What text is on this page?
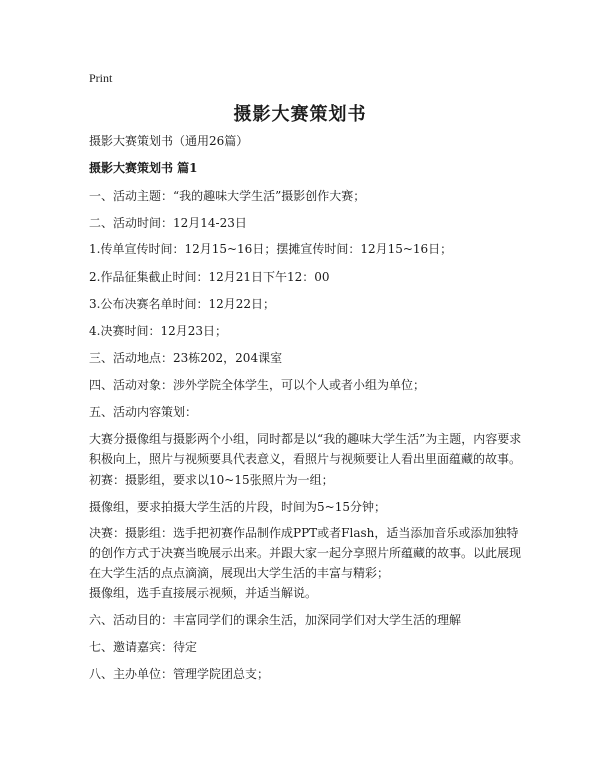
Print
摄影大赛策划书
摄影大赛策划书（通用26篇）
摄影大赛策划书 篇1
一、活动主题：“我的趣味大学生活”摄影创作大赛；
二、活动时间：12月14-23日
1.传单宣传时间：12月15~16日；摆摊宣传时间：12月15~16日；
2.作品征集截止时间：12月21日下午12：00
3.公布决赛名单时间：12月22日；
4.决赛时间：12月23日；
三、活动地点：23栋202，204课室
四、活动对象：涉外学院全体学生，可以个人或者小组为单位；
五、活动内容策划：
大赛分摄像组与摄影两个小组，同时都是以“我的趣味大学生活”为主题，内容要求积极向上，照片与视频要具代表意义，看照片与视频要让人看出里面蕴藏的故事。
初赛：摄影组，要求以10~15张照片为一组；
摄像组，要求拍摄大学生活的片段，时间为5~15分钟；
决赛：摄影组：选手把初赛作品制作成PPT或者Flash，适当添加音乐或添加独特的创作方式于决赛当晚展示出来。并跟大家一起分享照片所蕴藏的故事。以此展现在大学生活的点点滴滴，展现出大学生活的丰富与精彩；
摄像组，选手直接展示视频，并适当解说。
六、活动目的：丰富同学们的课余生活，加深同学们对大学生活的理解
七、邀请嘉宾：待定
八、主办单位：管理学院团总支；
